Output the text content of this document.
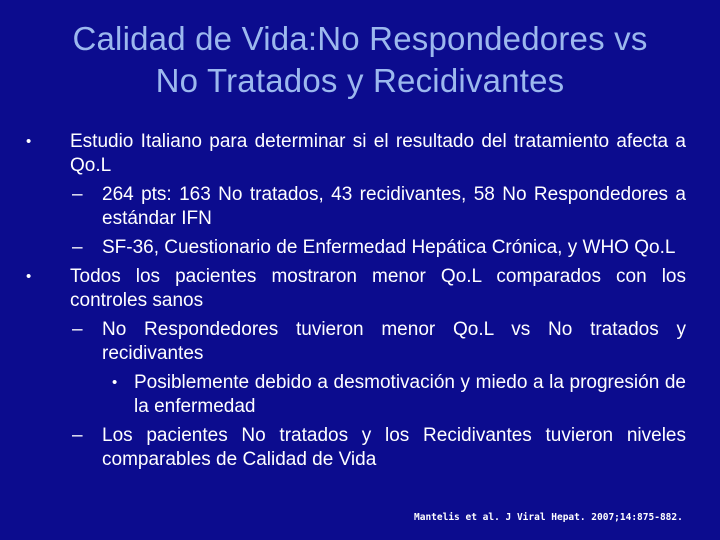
Calidad de Vida:No Respondedores vs
No Tratados y Recidivantes
• Estudio Italiano para determinar si el resultado del tratamiento afecta a Qo.L
– 264 pts: 163 No tratados, 43 recidivantes, 58 No Respondedores a estándar IFN
– SF-36, Cuestionario de Enfermedad Hepática Crónica, y WHO Qo.L
• Todos los pacientes mostraron menor Qo.L comparados con los controles sanos
– No Respondedores tuvieron menor Qo.L vs No tratados y recidivantes
• Posiblemente debido a desmotivación y miedo a la progresión de la enfermedad
– Los pacientes No tratados y los Recidivantes tuvieron niveles comparables de Calidad de Vida
Mantelis et al. J Viral Hepat. 2007;14:875-882.
